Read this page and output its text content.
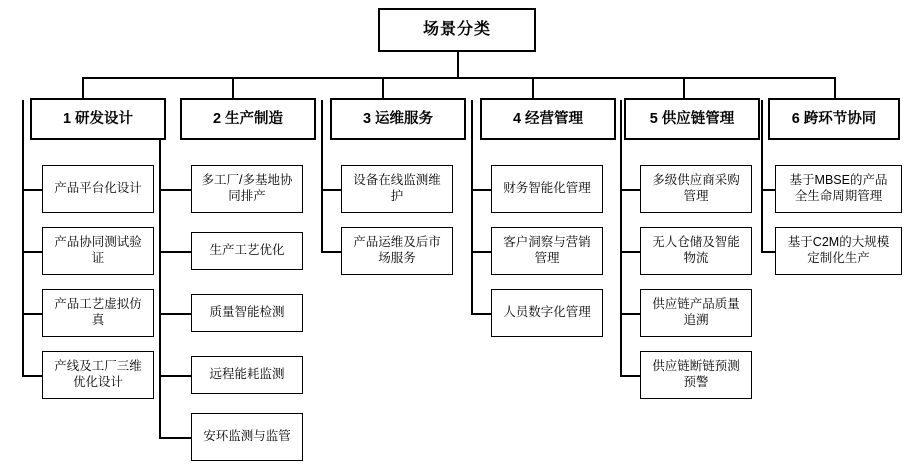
场景分类
1 研发设计	2 生产制造	3 运维服务	4 经营管理	5 供应链管理	6 跨环节协同
产品平台化设计
产品协同测试验证
产品工艺虚拟仿真
产线及工厂三维优化设计
多工厂/多基地协同排产
生产工艺优化
质量智能检测
远程能耗监测
安环监测与监管
设备在线监测维护
产品运维及后市场服务
财务智能化管理
客户洞察与营销管理
人员数字化管理
多级供应商采购管理
无人仓储及智能物流
供应链产品质量追溯
供应链断链预测预警
基于MBSE的产品全生命周期管理
基于C2M的大规模定制化生产
